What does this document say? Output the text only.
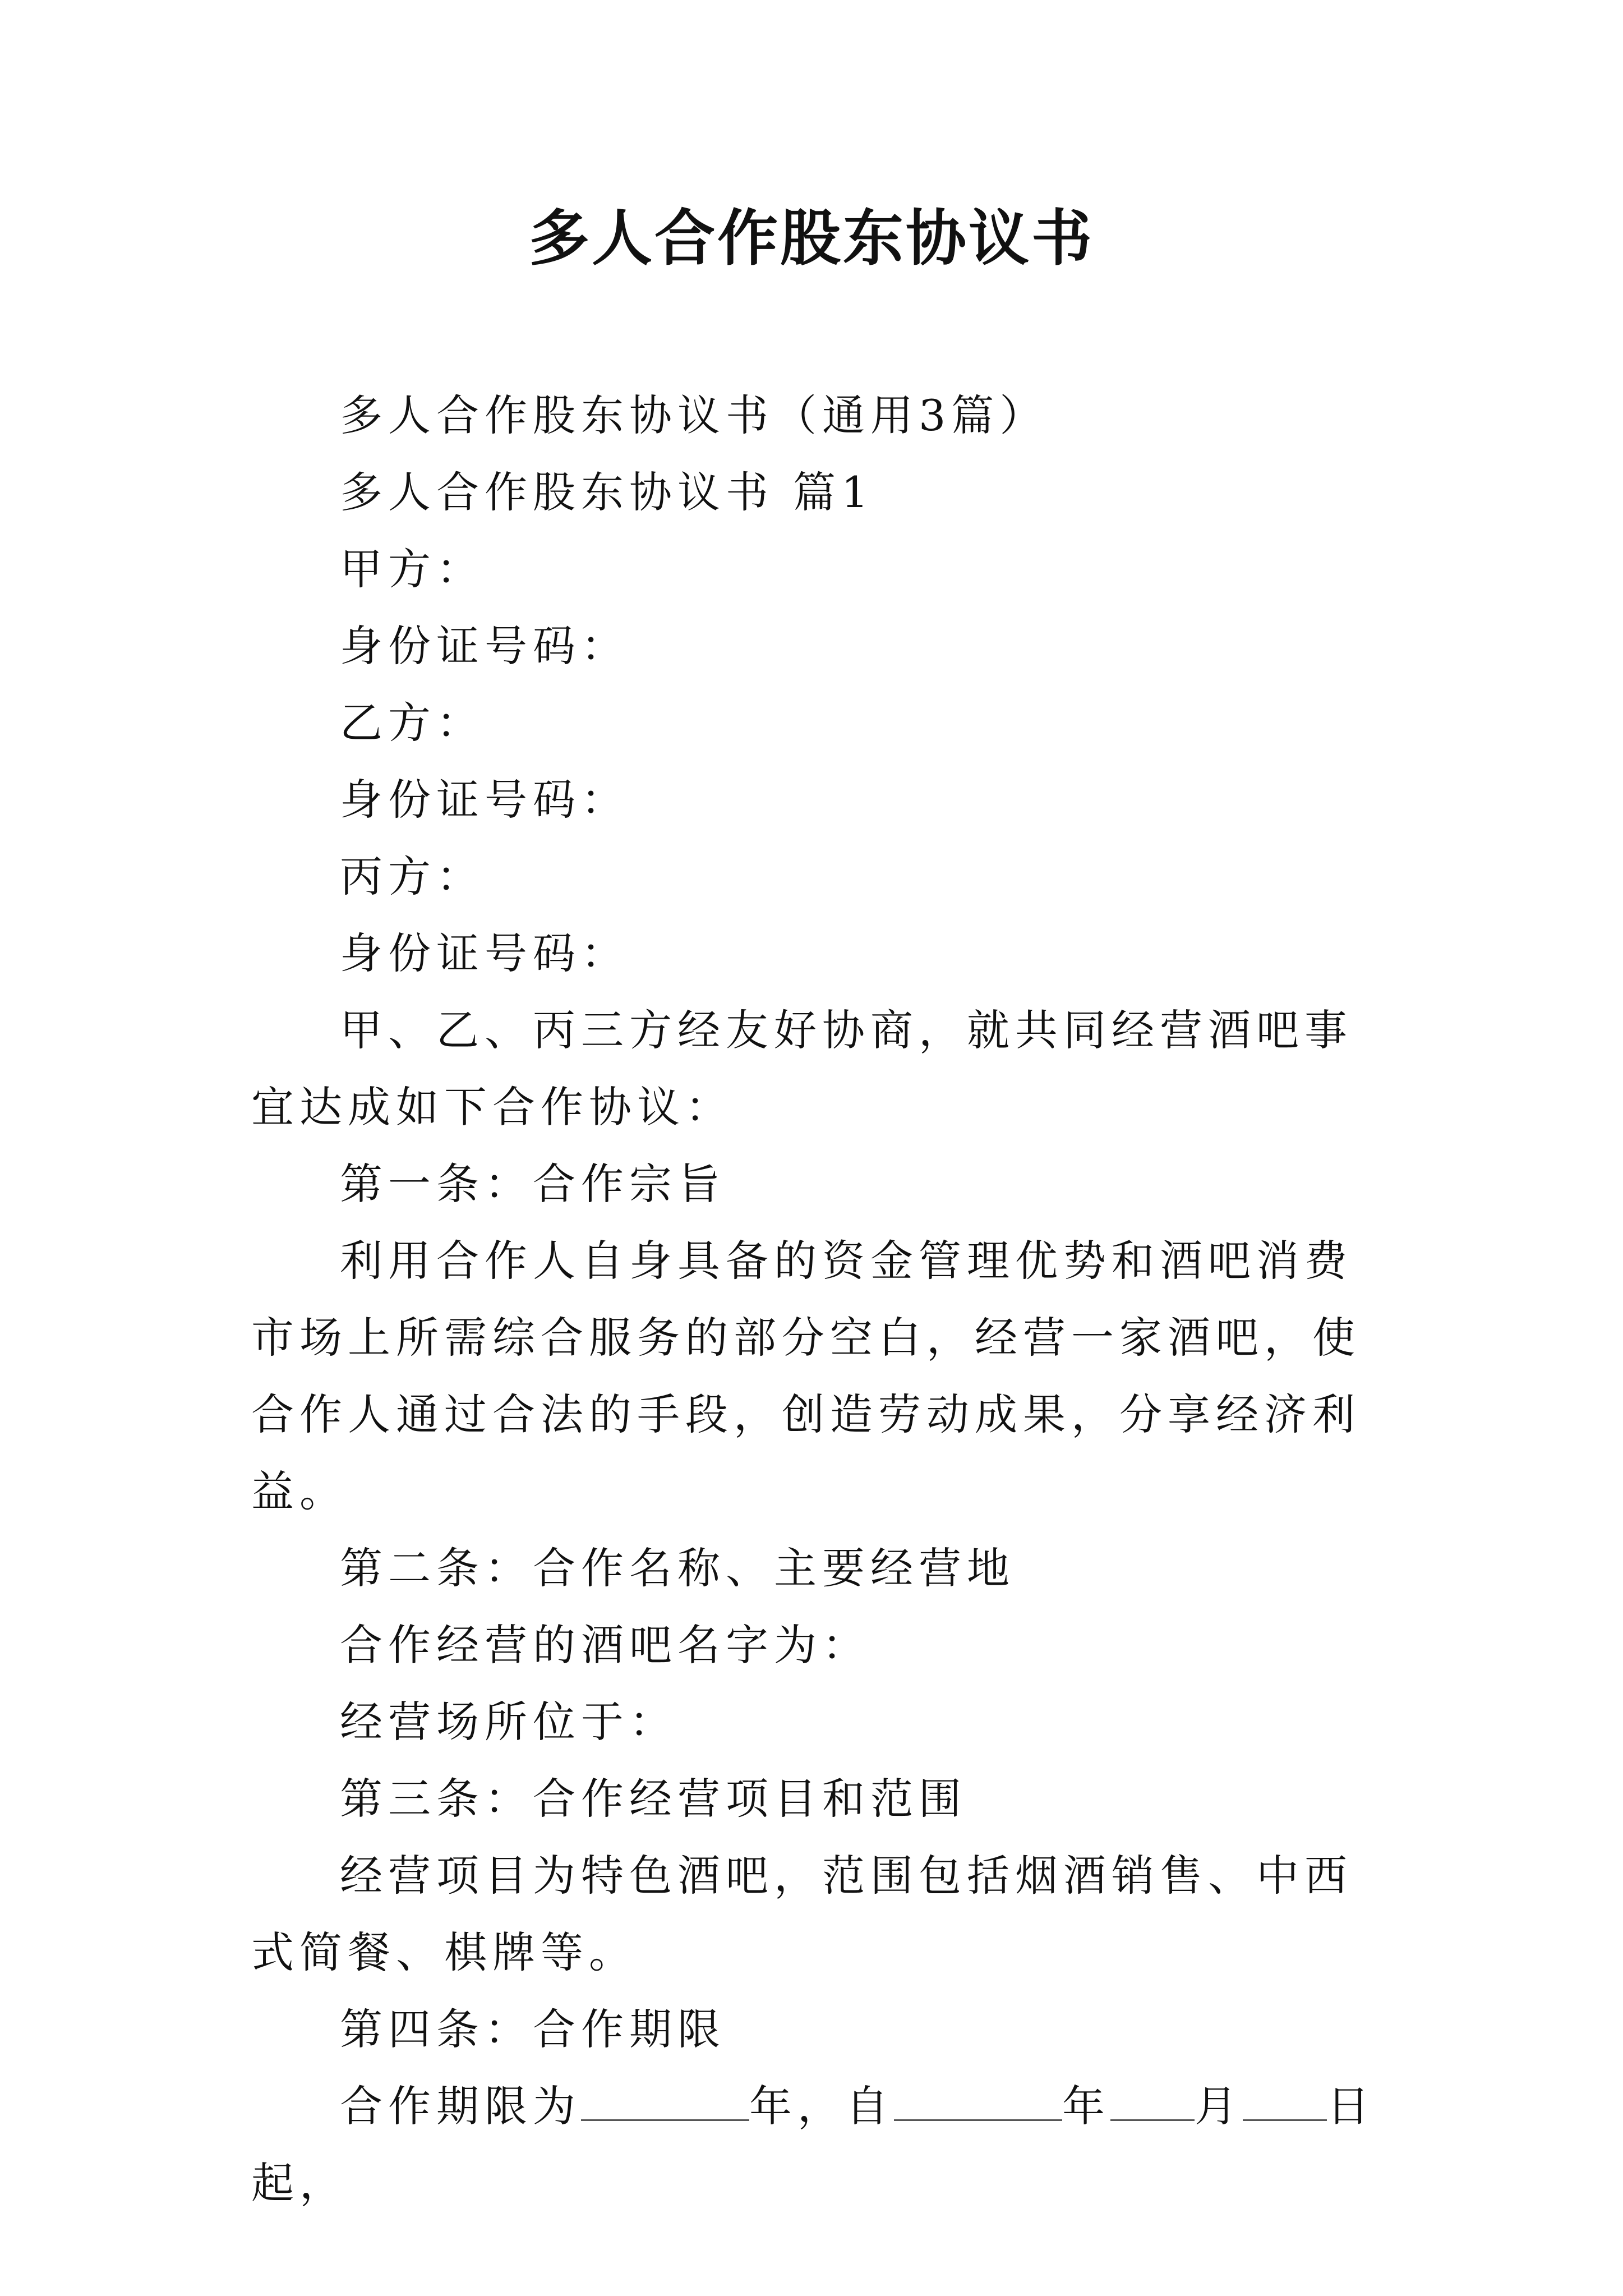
多人合作股东协议书

多人合作股东协议书（通用3篇）

多人合作股东协议书 篇1

甲方：

身份证号码：

乙方：

身份证号码：

丙方：

身份证号码：

甲、乙、丙三方经友好协商，就共同经营酒吧事宜达成如下合作协议：

第一条：合作宗旨

利用合作人自身具备的资金管理优势和酒吧消费市场上所需综合服务的部分空白，经营一家酒吧，使合作人通过合法的手段，创造劳动成果，分享经济利益。

第二条：合作名称、主要经营地

合作经营的酒吧名字为：

经营场所位于：

第三条：合作经营项目和范围

经营项目为特色酒吧，范围包括烟酒销售、中西式简餐、棋牌等。

第四条：合作期限

合作期限为	年，自	年 月 日起，
